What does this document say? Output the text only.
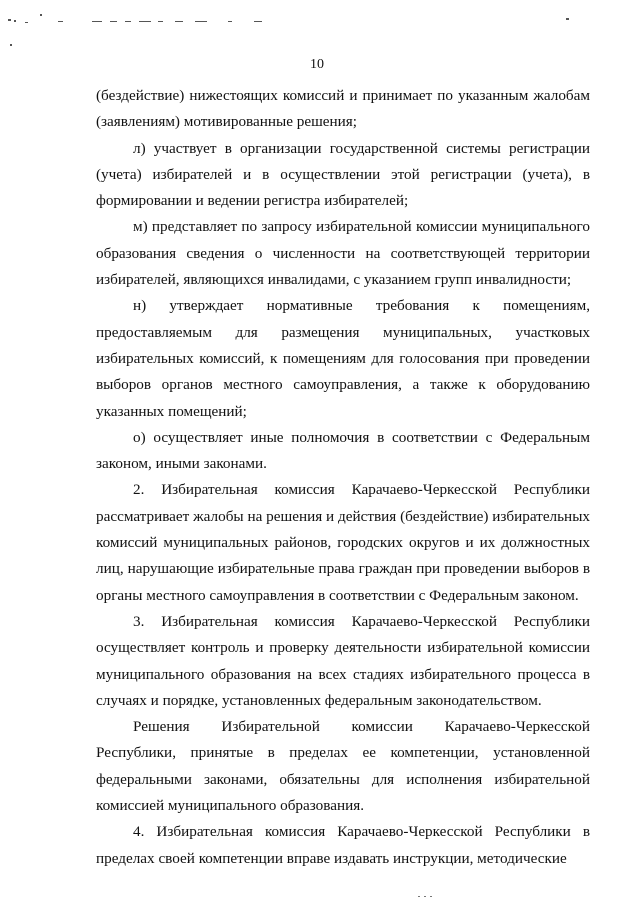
10

(бездействие) нижестоящих комиссий и принимает по указанным жалобам (заявлениям) мотивированные решения;

л) участвует в организации государственной системы регистрации (учета) избирателей и в осуществлении этой регистрации (учета), в формировании и ведении регистра избирателей;

м) представляет по запросу избирательной комиссии муниципального образования сведения о численности на соответствующей территории избирателей, являющихся инвалидами, с указанием групп инвалидности;

н) утверждает нормативные требования к помещениям, предоставляемым для размещения муниципальных, участковых избирательных комиссий, к помещениям для голосования при проведении выборов органов местного самоуправления, а также к оборудованию указанных помещений;

о) осуществляет иные полномочия в соответствии с Федеральным законом, иными законами.

2. Избирательная комиссия Карачаево-Черкесской Республики рассматривает жалобы на решения и действия (бездействие) избирательных комиссий муниципальных районов, городских округов и их должностных лиц, нарушающие избирательные права граждан при проведении выборов в органы местного самоуправления в соответствии с Федеральным законом.

3. Избирательная комиссия Карачаево-Черкесской Республики осуществляет контроль и проверку деятельности избирательной комиссии муниципального образования на всех стадиях избирательного процесса в случаях и порядке, установленных федеральным законодательством.

Решения Избирательной комиссии Карачаево-Черкесской Республики, принятые в пределах ее компетенции, установленной федеральными законами, обязательны для исполнения избирательной комиссией муниципального образования.

4. Избирательная комиссия Карачаево-Черкесской Республики в пределах своей компетенции вправе издавать инструкции, методические
